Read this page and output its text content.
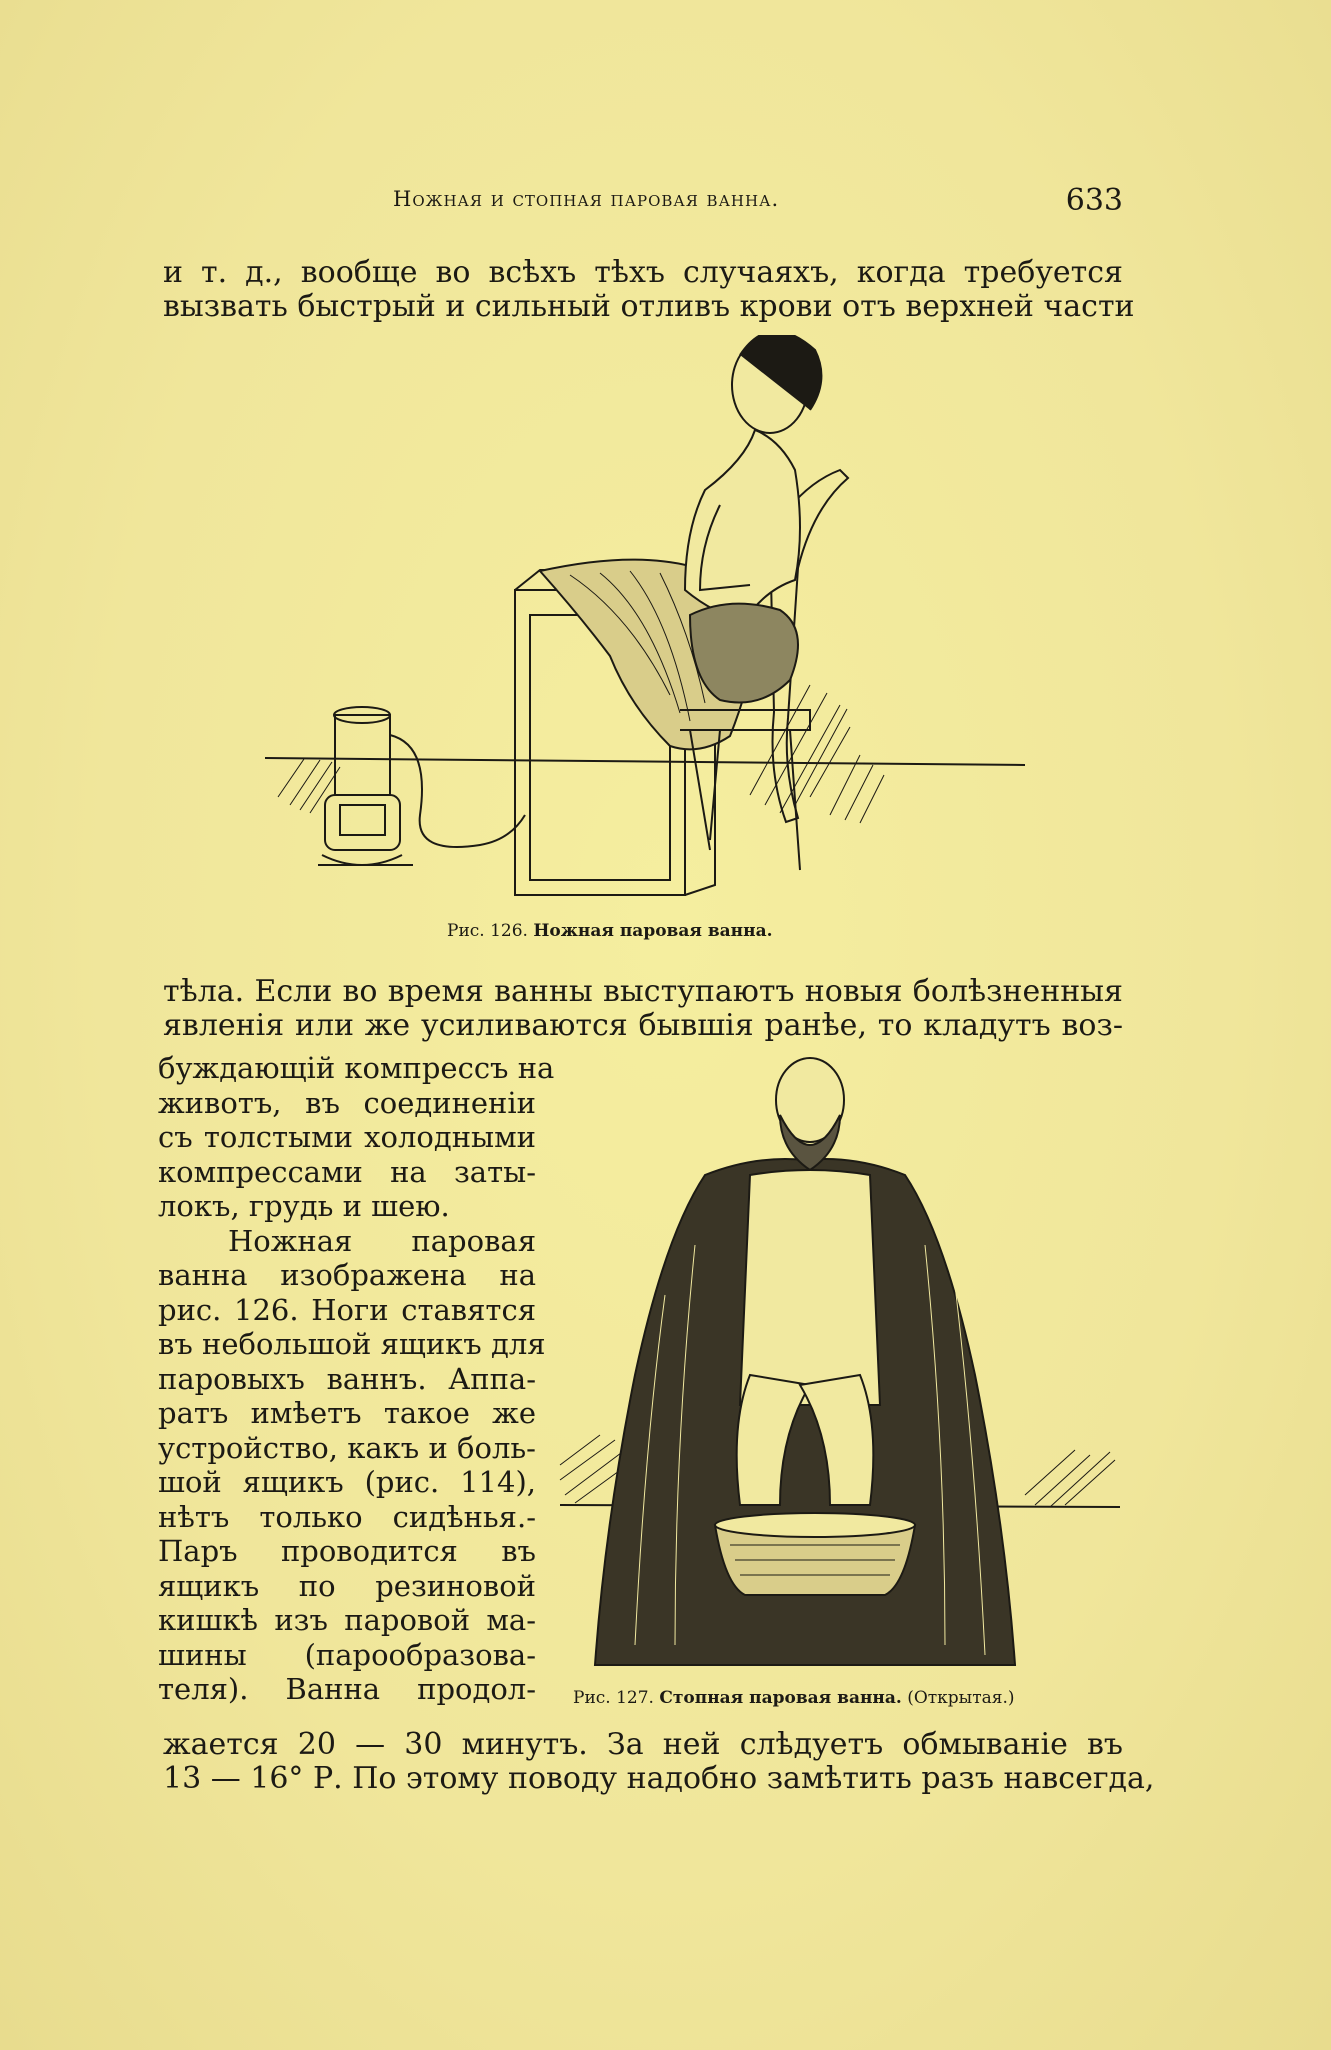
Ножная и стопная паровая ванна.	633
и т. д., вообще во всѣхъ тѣхъ случаяхъ, когда требуется
вызвать быстрый и сильный отливъ крови отъ верхней части
Рис. 126. Ножная паровая ванна.
тѣла. Если во время ванны выступаютъ новыя болѣзненныя
явленія или же усиливаются бывшія ранѣе, то кладутъ воз-
буждающій компрессъ на
животъ, въ соединеніи
съ толстыми холодными
компрессами на заты-
локъ, грудь и шею.
Ножная паровая
ванна изображена на
рис. 126. Ноги ставятся
въ небольшой ящикъ для
паровыхъ ваннъ. Аппа-
ратъ имѣетъ такое же
устройство, какъ и боль-
шой ящикъ (рис. 114),
нѣтъ только сидѣнья.-
Паръ проводится въ
ящикъ по резиновой
кишкѣ изъ паровой ма-
шины (парообразова-
теля). Ванна продол- Рис. 127. Стопная паровая ванна. (Открытая.)
жается 20 — 30 минутъ. За ней слѣдуетъ обмываніе въ
13 — 16° Р. По этому поводу надобно замѣтить разъ навсегда,
